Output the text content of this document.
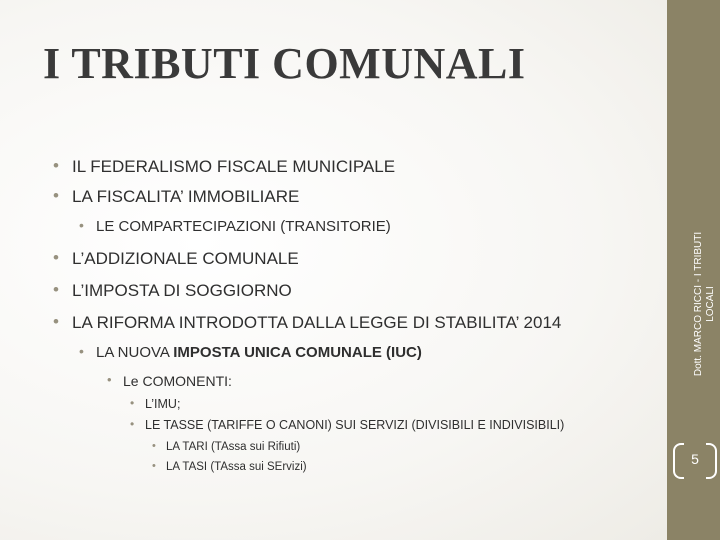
I TRIBUTI COMUNALI
• IL FEDERALISMO FISCALE MUNICIPALE
• LA FISCALITA’ IMMOBILIARE
• LE COMPARTECIPAZIONI (TRANSITORIE)
• L’ADDIZIONALE COMUNALE
• L’IMPOSTA DI SOGGIORNO
• LA RIFORMA INTRODOTTA DALLA LEGGE DI STABILITA’ 2014
• LA NUOVA IMPOSTA UNICA COMUNALE (IUC)
• Le COMONENTI:
• L’IMU;
• LE TASSE (TARIFFE O CANONI) SUI SERVIZI (DIVISIBILI E INDIVISIBILI)
• LA TARI (TAssa sui Rifiuti)
• LA TASI (TAssa sui SErvizi)
Dott. MARCO RICCI - I TRIBUTI LOCALI
5
